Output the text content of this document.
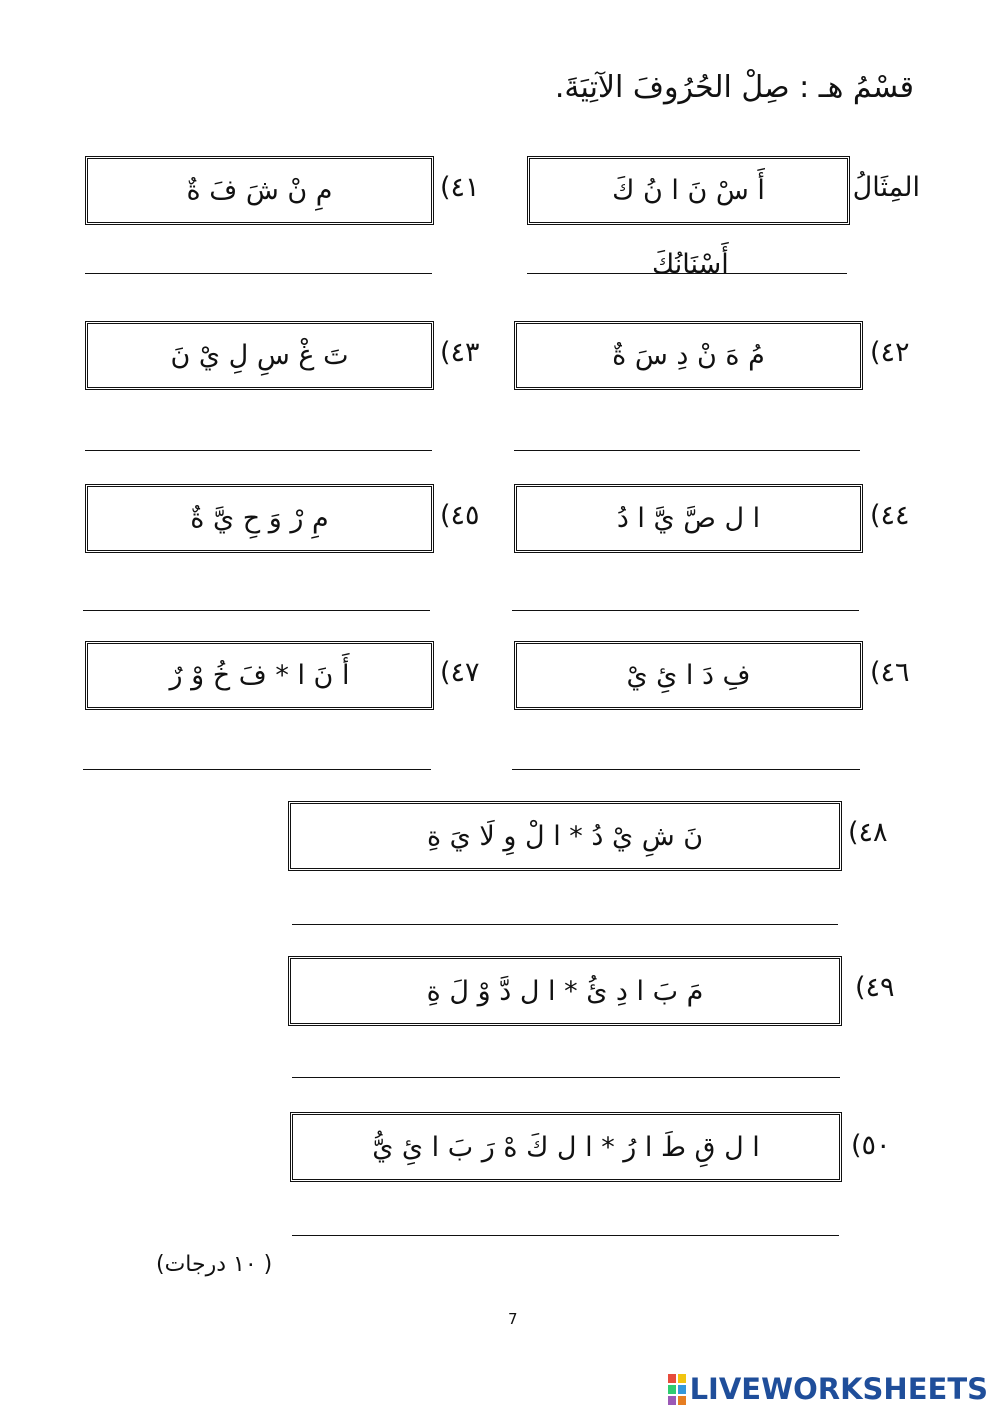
قسْمُ هـ : صِلْ الحُرُوفَ الآتِيَةَ.
المِثَالُ
أَ سْ نَ ا نُ كَ
أَسْنَانُكَ
٤١)
مِ نْ شَ فَ ةٌ
٤٢)
مُ هَ نْ دِ سَ ةٌ
٤٣)
تَ غْ سِ لِ يْ نَ
٤٤)
ا ل صَّ يَّ ا دُ
٤٥)
مِ رْ وَ حِ يَّ ةٌ
٤٦)
فِ دَ ا ئِ يْ
٤٧)
أَ نَ ا * فَ خُ وْ رٌ
٤٨)
نَ شِ يْ دُ * ا لْ وِ لَا يَ ةِ
٤٩)
مَ بَ ا دِ ئُ * ا ل دَّ وْ لَ ةِ
٥٠)
ا ل قِ طَ ا رُ * ا ل كَ هْ رَ بَ ا ئِ يُّ
( ١٠ درجات)
7
LIVEWORKSHEETS
